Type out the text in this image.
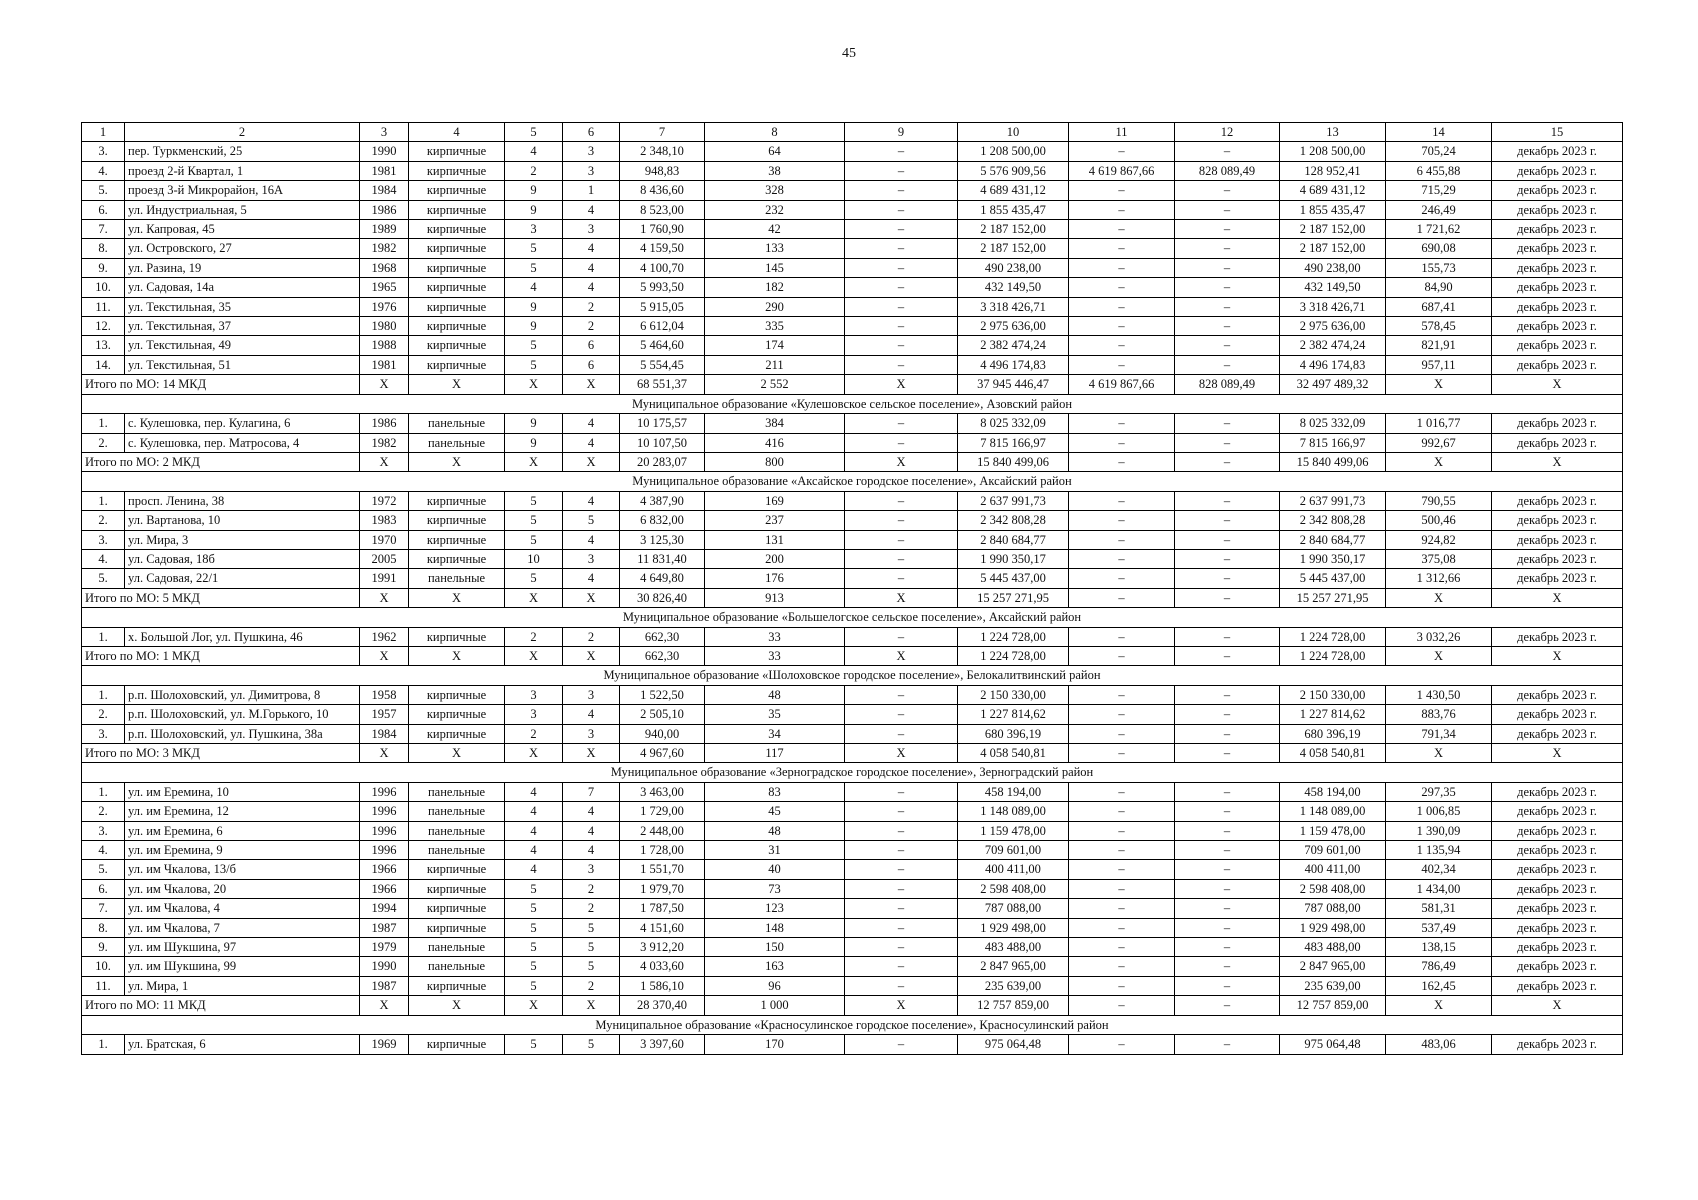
45
1	2	3	4	5	6	7	8	9	10	11	12	13	14	15
3.	пер. Туркменский, 25	1990	кирпичные	4	3	2 348,10	64	–	1 208 500,00	–	–	1 208 500,00	705,24	декабрь 2023 г.
4.	проезд 2-й Квартал, 1	1981	кирпичные	2	3	948,83	38	–	5 576 909,56	4 619 867,66	828 089,49	128 952,41	6 455,88	декабрь 2023 г.
5.	проезд 3-й Микрорайон, 16А	1984	кирпичные	9	1	8 436,60	328	–	4 689 431,12	–	–	4 689 431,12	715,29	декабрь 2023 г.
6.	ул. Индустриальная, 5	1986	кирпичные	9	4	8 523,00	232	–	1 855 435,47	–	–	1 855 435,47	246,49	декабрь 2023 г.
7.	ул. Капровая, 45	1989	кирпичные	3	3	1 760,90	42	–	2 187 152,00	–	–	2 187 152,00	1 721,62	декабрь 2023 г.
8.	ул. Островского, 27	1982	кирпичные	5	4	4 159,50	133	–	2 187 152,00	–	–	2 187 152,00	690,08	декабрь 2023 г.
9.	ул. Разина, 19	1968	кирпичные	5	4	4 100,70	145	–	490 238,00	–	–	490 238,00	155,73	декабрь 2023 г.
10.	ул. Садовая, 14а	1965	кирпичные	4	4	5 993,50	182	–	432 149,50	–	–	432 149,50	84,90	декабрь 2023 г.
11.	ул. Текстильная, 35	1976	кирпичные	9	2	5 915,05	290	–	3 318 426,71	–	–	3 318 426,71	687,41	декабрь 2023 г.
12.	ул. Текстильная, 37	1980	кирпичные	9	2	6 612,04	335	–	2 975 636,00	–	–	2 975 636,00	578,45	декабрь 2023 г.
13.	ул. Текстильная, 49	1988	кирпичные	5	6	5 464,60	174	–	2 382 474,24	–	–	2 382 474,24	821,91	декабрь 2023 г.
14.	ул. Текстильная, 51	1981	кирпичные	5	6	5 554,45	211	–	4 496 174,83	–	–	4 496 174,83	957,11	декабрь 2023 г.
Итого по МО: 14 МКД		Х	Х	Х	Х	68 551,37	2 552	Х	37 945 446,47	4 619 867,66	828 089,49	32 497 489,32	Х	Х
Муниципальное образование «Кулешовское сельское поселение», Азовский район														
1.	с. Кулешовка, пер. Кулагина, 6	1986	панельные	9	4	10 175,57	384	–	8 025 332,09	–	–	8 025 332,09	1 016,77	декабрь 2023 г.
2.	с. Кулешовка, пер. Матросова, 4	1982	панельные	9	4	10 107,50	416	–	7 815 166,97	–	–	7 815 166,97	992,67	декабрь 2023 г.
Итого по МО: 2 МКД		Х	Х	Х	Х	20 283,07	800	Х	15 840 499,06	–	–	15 840 499,06	Х	Х
Муниципальное образование «Аксайское городское поселение», Аксайский район														
1.	просп. Ленина, 38	1972	кирпичные	5	4	4 387,90	169	–	2 637 991,73	–	–	2 637 991,73	790,55	декабрь 2023 г.
2.	ул. Вартанова, 10	1983	кирпичные	5	5	6 832,00	237	–	2 342 808,28	–	–	2 342 808,28	500,46	декабрь 2023 г.
3.	ул. Мира, 3	1970	кирпичные	5	4	3 125,30	131	–	2 840 684,77	–	–	2 840 684,77	924,82	декабрь 2023 г.
4.	ул. Садовая, 18б	2005	кирпичные	10	3	11 831,40	200	–	1 990 350,17	–	–	1 990 350,17	375,08	декабрь 2023 г.
5.	ул. Садовая, 22/1	1991	панельные	5	4	4 649,80	176	–	5 445 437,00	–	–	5 445 437,00	1 312,66	декабрь 2023 г.
Итого по МО: 5 МКД		Х	Х	Х	Х	30 826,40	913	Х	15 257 271,95	–	–	15 257 271,95	Х	Х
Муниципальное образование «Большелогское сельское поселение», Аксайский район														
1.	х. Большой Лог, ул. Пушкина, 46	1962	кирпичные	2	2	662,30	33	–	1 224 728,00	–	–	1 224 728,00	3 032,26	декабрь 2023 г.
Итого по МО: 1 МКД		Х	Х	Х	Х	662,30	33	Х	1 224 728,00	–	–	1 224 728,00	Х	Х
Муниципальное образование «Шолоховское городское поселение», Белокалитвинский район														
1.	р.п. Шолоховский, ул. Димитрова, 8	1958	кирпичные	3	3	1 522,50	48	–	2 150 330,00	–	–	2 150 330,00	1 430,50	декабрь 2023 г.
2.	р.п. Шолоховский, ул. М.Горького, 10	1957	кирпичные	3	4	2 505,10	35	–	1 227 814,62	–	–	1 227 814,62	883,76	декабрь 2023 г.
3.	р.п. Шолоховский, ул. Пушкина, 38а	1984	кирпичные	2	3	940,00	34	–	680 396,19	–	–	680 396,19	791,34	декабрь 2023 г.
Итого по МО: 3 МКД		Х	Х	Х	Х	4 967,60	117	Х	4 058 540,81	–	–	4 058 540,81	Х	Х
Муниципальное образование «Зерноградское городское поселение», Зерноградский район														
1.	ул. им Еремина, 10	1996	панельные	4	7	3 463,00	83	–	458 194,00	–	–	458 194,00	297,35	декабрь 2023 г.
2.	ул. им Еремина, 12	1996	панельные	4	4	1 729,00	45	–	1 148 089,00	–	–	1 148 089,00	1 006,85	декабрь 2023 г.
3.	ул. им Еремина, 6	1996	панельные	4	4	2 448,00	48	–	1 159 478,00	–	–	1 159 478,00	1 390,09	декабрь 2023 г.
4.	ул. им Еремина, 9	1996	панельные	4	4	1 728,00	31	–	709 601,00	–	–	709 601,00	1 135,94	декабрь 2023 г.
5.	ул. им Чкалова, 13/б	1966	кирпичные	4	3	1 551,70	40	–	400 411,00	–	–	400 411,00	402,34	декабрь 2023 г.
6.	ул. им Чкалова, 20	1966	кирпичные	5	2	1 979,70	73	–	2 598 408,00	–	–	2 598 408,00	1 434,00	декабрь 2023 г.
7.	ул. им Чкалова, 4	1994	кирпичные	5	2	1 787,50	123	–	787 088,00	–	–	787 088,00	581,31	декабрь 2023 г.
8.	ул. им Чкалова, 7	1987	кирпичные	5	5	4 151,60	148	–	1 929 498,00	–	–	1 929 498,00	537,49	декабрь 2023 г.
9.	ул. им Шукшина, 97	1979	панельные	5	5	3 912,20	150	–	483 488,00	–	–	483 488,00	138,15	декабрь 2023 г.
10.	ул. им Шукшина, 99	1990	панельные	5	5	4 033,60	163	–	2 847 965,00	–	–	2 847 965,00	786,49	декабрь 2023 г.
11.	ул. Мира, 1	1987	кирпичные	5	2	1 586,10	96	–	235 639,00	–	–	235 639,00	162,45	декабрь 2023 г.
Итого по МО: 11 МКД		Х	Х	Х	Х	28 370,40	1 000	Х	12 757 859,00	–	–	12 757 859,00	Х	Х
Муниципальное образование «Красносулинское городское поселение», Красносулинский район														
1.	ул. Братская, 6	1969	кирпичные	5	5	3 397,60	170	–	975 064,48	–	–	975 064,48	483,06	декабрь 2023 г.
